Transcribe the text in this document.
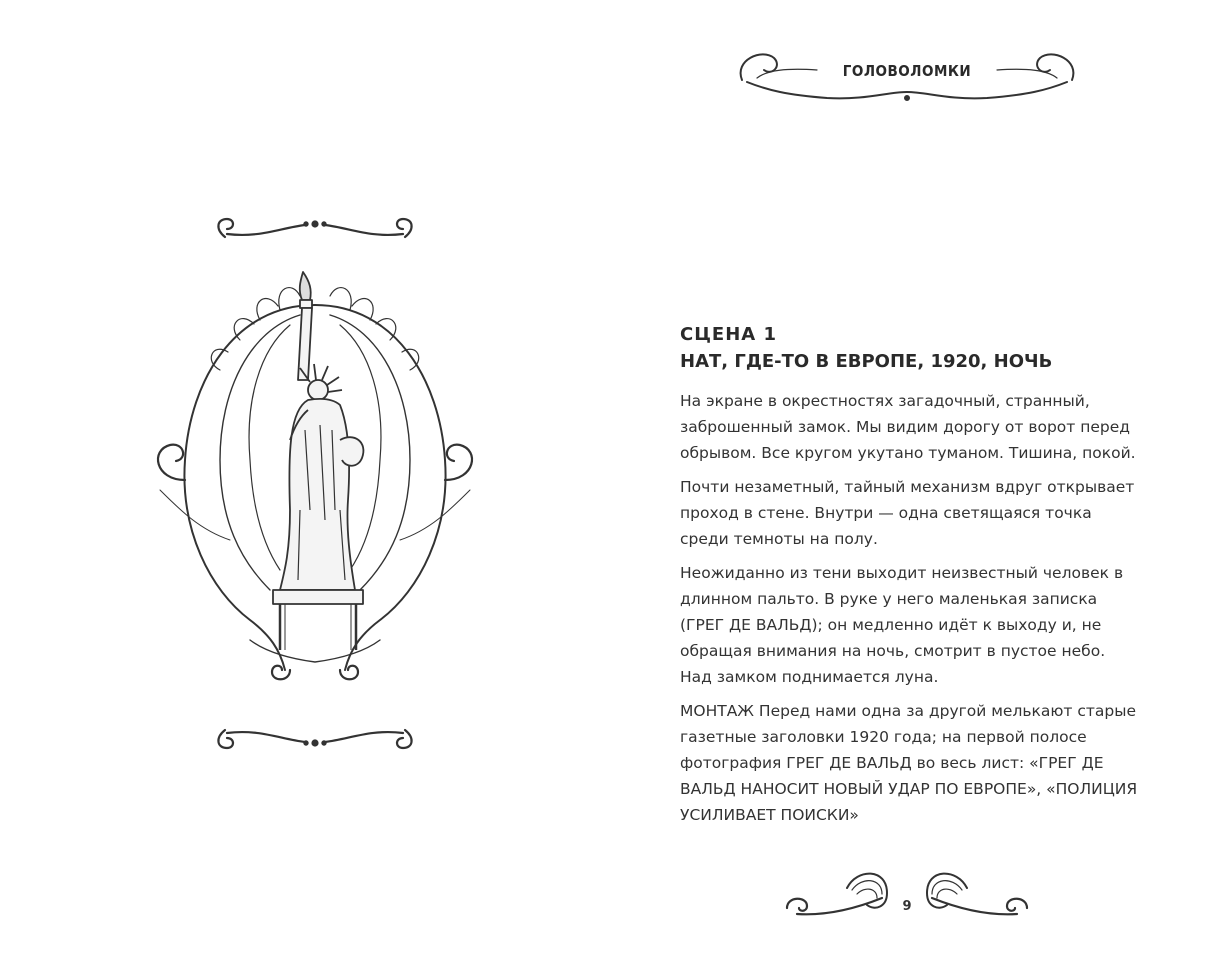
ГОЛОВОЛОМКИ
СЦЕНА 1
НАТ, ГДЕ-ТО В ЕВРОПЕ, 1920, НОЧЬ

На экране в окрестностях загадочный, странный, заброшенный замок. Мы видим дорогу от ворот перед обрывом. Все кругом укутано туманом. Тишина, покой.

Почти незаметный, тайный механизм вдруг открывает проход в стене. Внутри — одна светящаяся точка среди темноты на полу.

Неожиданно из тени выходит неизвестный человек в длинном пальто. В руке у него маленькая записка (ГРЕГ ДЕ ВАЛЬД); он медленно идёт к выходу и, не обращая внимания на ночь, смотрит в пустое небо. Над замком поднимается луна.

МОНТАЖ Перед нами одна за другой мелькают старые газетные заголовки 1920 года; на первой полосе фотография ГРЕГ ДЕ ВАЛЬД во весь лист: «ГРЕГ ДЕ ВАЛЬД НАНОСИТ НОВЫЙ УДАР ПО ЕВРОПЕ», «ПОЛИЦИЯ УСИЛИВАЕТ ПОИСКИ»

9
